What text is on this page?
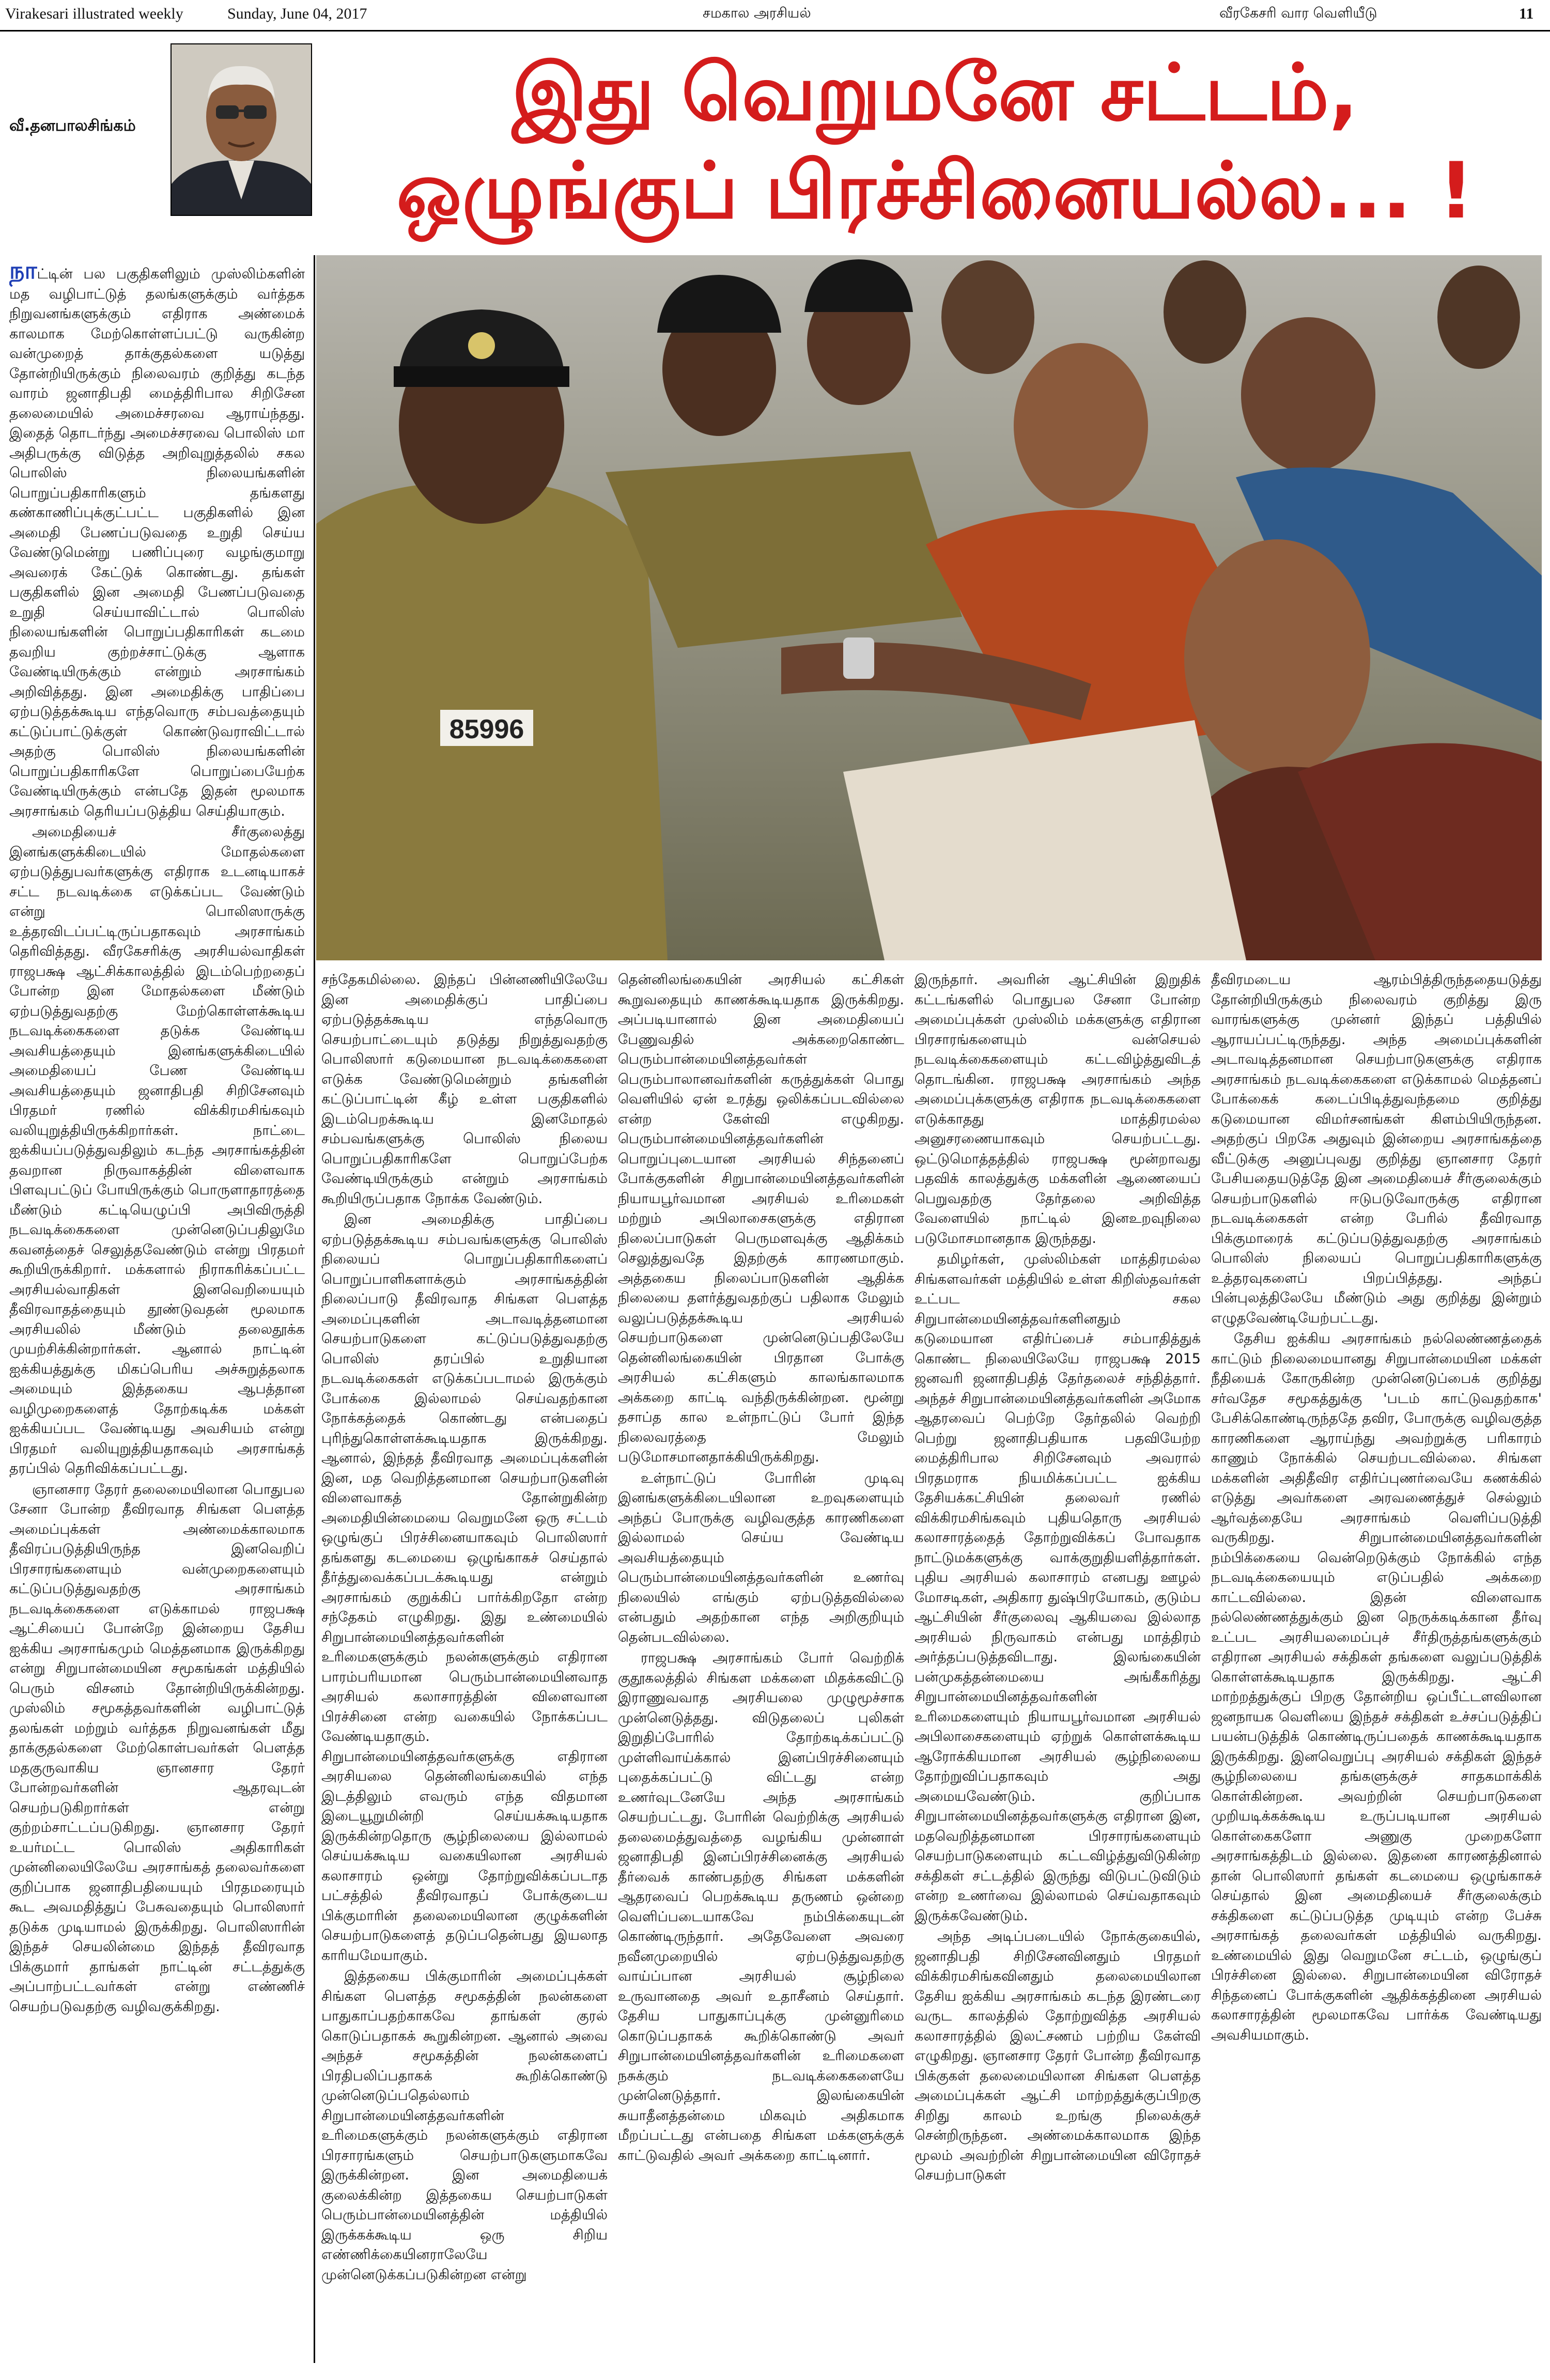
Virakesari illustrated weekly	Sunday, June 04, 2017	சமகால அரசியல்	வீரகேசரி வார வெளியீடு	11
வீ.தனபாலசிங்கம்	இது வெறுமனே சட்டம்,
ஒழுங்குப் பிரச்சினையல்ல... !
85996

நாட்டின் பல பகுதிகளிலும் முஸ்லிம்களின் மத வழிபாட்டுத் தலங்களுக்கும் வர்த்தக நிறுவனங்களுக்கும் எதிராக அண்மைக் காலமாக மேற்கொள்ளப்பட்டு வருகின்ற வன்முறைத் தாக்குதல்களை யடுத்து தோன்றியிருக்கும் நிலைவரம் குறித்து கடந்த வாரம் ஜனாதிபதி மைத்திரிபால சிறிசேன தலைமையில் அமைச்சரவை ஆராய்ந்தது. இதைத் தொடர்ந்து அமைச்சரவை பொலிஸ் மா அதிபருக்கு விடுத்த அறிவுறுத்தலில் சகல பொலிஸ் நிலையங்களின் பொறுப்பதிகாரிகளும் தங்களது கண்காணிப்புக்குட்பட்ட பகுதிகளில் இன அமைதி பேணப்படுவதை உறுதி செய்ய வேண்டுமென்று பணிப்புரை வழங்குமாறு அவரைக் கேட்டுக் கொண்டது. தங்கள் பகுதிகளில் இன அமைதி பேணப்படுவதை உறுதி செய்யாவிட்டால் பொலிஸ் நிலையங்களின் பொறுப்பதிகாரிகள் கடமை தவறிய குற்றச்சாட்டுக்கு ஆளாக வேண்டியிருக்கும் என்றும் அரசாங்கம் அறிவித்தது. இன அமைதிக்கு பாதிப்பை ஏற்படுத்தக்கூடிய எந்தவொரு சம்பவத்தையும் கட்டுப்பாட்டுக்குள் கொண்டுவராவிட்டால் அதற்கு பொலிஸ் நிலையங்களின் பொறுப்பதிகாரிகளே பொறுப்பையேற்க வேண்டியிருக்கும் என்பதே இதன் மூலமாக அரசாங்கம் தெரியப்படுத்திய செய்தியாகும்.

அமைதியைச் சீர்குலைத்து இனங்களுக்கிடையில் மோதல்களை ஏற்படுத்துபவர்களுக்கு எதிராக உடனடியாகச் சட்ட நடவடிக்கை எடுக்கப்பட வேண்டும் என்று பொலிஸாருக்கு உத்தரவிடப்பட்டிருப்பதாகவும் அரசாங்கம் தெரிவித்தது. வீரகேசரிக்கு அரசியல்வாதிகள் ராஜபக்ஷ ஆட்சிக்காலத்தில் இடம்பெற்றதைப் போன்ற இன மோதல்களை மீண்டும் ஏற்படுத்துவதற்கு மேற்கொள்ளக்கூடிய நடவடிக்கைகளை தடுக்க வேண்டிய அவசியத்தையும் இனங்களுக்கிடையில் அமைதியைப் பேண வேண்டிய அவசியத்தையும் ஜனாதிபதி சிறிசேனவும் பிரதமர் ரணில் விக்கிரமசிங்கவும் வலியுறுத்தியிருக்கிறார்கள். நாட்டை ஐக்கியப்படுத்துவதிலும் கடந்த அரசாங்கத்தின் தவறான நிருவாகத்தின் விளைவாக பிளவுபட்டுப் போயிருக்கும் பொருளாதாரத்தை மீண்டும் கட்டியெழுப்பி அபிவிருத்தி நடவடிக்கைகளை முன்னெடுப்பதிலுமே கவனத்தைச் செலுத்தவேண்டும் என்று பிரதமர் கூறியிருக்கிறார். மக்களால் நிராகரிக்கப்பட்ட அரசியல்வாதிகள் இனவெறியையும் தீவிரவாதத்தையும் தூண்டுவதன் மூலமாக அரசியலில் மீண்டும் தலைதூக்க முயற்சிக்கின்றார்கள். ஆனால் நாட்டின் ஐக்கியத்துக்கு மிகப்பெரிய அச்சுறுத்தலாக அமையும் இத்தகைய ஆபத்தான வழிமுறைகளைத் தோற்கடிக்க மக்கள் ஐக்கியப்பட வேண்டியது அவசியம் என்று பிரதமர் வலியுறுத்தியதாகவும் அரசாங்கத் தரப்பில் தெரிவிக்கப்பட்டது.

ஞானசார தேரர் தலைமையிலான பொதுபல சேனா போன்ற தீவிரவாத சிங்கள பௌத்த அமைப்புக்கள் அண்மைக்காலமாக தீவிரப்படுத்தியிருந்த இனவெறிப் பிரசாரங்களையும் வன்முறைகளையும் கட்டுப்படுத்துவதற்கு அரசாங்கம் நடவடிக்கைகளை எடுக்காமல் ராஜபக்ஷ ஆட்சியைப் போன்றே இன்றைய தேசிய ஐக்கிய அரசாங்கமும் மெத்தனமாக இருக்கிறது என்று சிறுபான்மையின சமூகங்கள் மத்தியில் பெரும் விசனம் தோன்றியிருக்கின்றது. முஸ்லிம் சமூகத்தவர்களின் வழிபாட்டுத் தலங்கள் மற்றும் வர்த்தக நிறுவனங்கள் மீது தாக்குதல்களை மேற்கொள்பவர்கள் பௌத்த மதகுருவாகிய ஞானசார தேரர் போன்றவர்களின் ஆதரவுடன் செயற்படுகிறார்கள் என்று குற்றம்சாட்டப்படுகிறது. ஞானசார தேரர் உயர்மட்ட பொலிஸ் அதிகாரிகள் முன்னிலையிலேயே அரசாங்கத் தலைவர்களை குறிப்பாக ஜனாதிபதியையும் பிரதமரையும் கூட அவமதித்துப் பேசுவதையும் பொலிஸார் தடுக்க முடியாமல் இருக்கிறது. பொலிஸாரின் இந்தச் செயலின்மை இந்தத் தீவிரவாத பிக்குமார் தாங்கள் நாட்டின் சட்டத்துக்கு அப்பாற்பட்டவர்கள் என்று எண்ணிச் செயற்படுவதற்கு வழிவகுக்கிறது.

சந்தேகமில்லை. இந்தப் பின்னணியிலேயே இன அமைதிக்குப் பாதிப்பை ஏற்படுத்தக்கூடிய எந்தவொரு செயற்பாட்டையும் தடுத்து நிறுத்துவதற்கு பொலிஸார் கடுமையான நடவடிக்கைகளை எடுக்க வேண்டுமென்றும் தங்களின் கட்டுப்பாட்டின் கீழ் உள்ள பகுதிகளில் இடம்பெறக்கூடிய இனமோதல் சம்பவங்களுக்கு பொலிஸ் நிலைய பொறுப்பதிகாரிகளே பொறுப்பேற்க வேண்டியிருக்கும் என்றும் அரசாங்கம் கூறியிருப்பதாக நோக்க வேண்டும்.

இன அமைதிக்கு பாதிப்பை ஏற்படுத்தக்கூடிய சம்பவங்களுக்கு பொலிஸ் நிலையப் பொறுப்பதிகாரிகளைப் பொறுப்பாளிகளாக்கும் அரசாங்கத்தின் நிலைப்பாடு தீவிரவாத சிங்கள பௌத்த அமைப்புகளின் அடாவடித்தனமான செயற்பாடுகளை கட்டுப்படுத்துவதற்கு பொலிஸ் தரப்பில் உறுதியான நடவடிக்கைகள் எடுக்கப்படாமல் இருக்கும் போக்கை இல்லாமல் செய்வதற்கான நோக்கத்தைக் கொண்டது என்பதைப் புரிந்துகொள்ளக்கூடியதாக இருக்கிறது. ஆனால், இந்தத் தீவிரவாத அமைப்புக்களின் இன, மத வெறித்தனமான செயற்பாடுகளின் விளைவாகத் தோன்றுகின்ற அமைதியின்மையை வெறுமனே ஒரு சட்டம் ஒழுங்குப் பிரச்சினையாகவும் பொலிஸார் தங்களது கடமையை ஒழுங்காகச் செய்தால் தீர்த்துவைக்கப்படக்கூடியது என்றும் அரசாங்கம் குறுக்கிப் பார்க்கிறதோ என்ற சந்தேகம் எழுகிறது. இது உண்மையில் சிறுபான்மையினத்தவர்களின் உரிமைகளுக்கும் நலன்களுக்கும் எதிரான பாரம்பரியமான பெரும்பான்மையினவாத அரசியல் கலாசாரத்தின் விளைவான பிரச்சினை என்ற வகையில் நோக்கப்பட வேண்டியதாகும். சிறுபான்மையினத்தவர்களுக்கு எதிரான அரசியலை தென்னிலங்கையில் எந்த இடத்திலும் எவரும் எந்த விதமான இடையூறுமின்றி செய்யக்கூடியதாக இருக்கின்றதொரு சூழ்நிலையை இல்லாமல் செய்யக்கூடிய வகையிலான அரசியல் கலாசாரம் ஒன்று தோற்றுவிக்கப்படாத பட்சத்தில் தீவிரவாதப் போக்குடைய பிக்குமாரின் தலைமையிலான குழுக்களின் செயற்பாடுகளைத் தடுப்பதென்பது இயலாத காரியமேயாகும்.

இத்தகைய பிக்குமாரின் அமைப்புக்கள் சிங்கள பௌத்த சமூகத்தின் நலன்களை பாதுகாப்பதற்காகவே தாங்கள் குரல் கொடுப்பதாகக் கூறுகின்றன. ஆனால் அவை அந்தச் சமூகத்தின் நலன்களைப் பிரதிபலிப்பதாகக் கூறிக்கொண்டு முன்னெடுப்பதெல்லாம் சிறுபான்மையினத்தவர்களின் உரிமைகளுக்கும் நலன்களுக்கும் எதிரான பிரசாரங்களும் செயற்பாடுகளுமாகவே இருக்கின்றன. இன அமைதியைக் குலைக்கின்ற இத்தகைய செயற்பாடுகள் பெரும்பான்மையினத்தின் மத்தியில் இருக்கக்கூடிய ஒரு சிறிய எண்ணிக்கையினராலேயே முன்னெடுக்கப்படுகின்றன என்று

தென்னிலங்கையின் அரசியல் கட்சிகள் கூறுவதையும் காணக்கூடியதாக இருக்கிறது. அப்படியானால் இன அமைதியைப் பேணுவதில் அக்கறைகொண்ட பெரும்பான்மையினத்தவர்கள் பெரும்பாலானவர்களின் கருத்துக்கள் பொது வெளியில் ஏன் உரத்து ஒலிக்கப்படவில்லை என்ற கேள்வி எழுகிறது. பெரும்பான்மையினத்தவர்களின் பொறுப்புடையான அரசியல் சிந்தனைப் போக்குகளின் சிறுபான்மையினத்தவர்களின் நியாயபூர்வமான அரசியல் உரிமைகள் மற்றும் அபிலாசைகளுக்கு எதிரான நிலைப்பாடுகள் பெருமளவுக்கு ஆதிக்கம் செலுத்துவதே இதற்குக் காரணமாகும். அத்தகைய நிலைப்பாடுகளின் ஆதிக்க நிலையை தளர்த்துவதற்குப் பதிலாக மேலும் வலுப்படுத்தக்கூடிய அரசியல் செயற்பாடுகளை முன்னெடுப்பதிலேயே தென்னிலங்கையின் பிரதான போக்கு அரசியல் கட்சிகளும் காலங்காலமாக அக்கறை காட்டி வந்திருக்கின்றன. மூன்று தசாப்த கால உள்நாட்டுப் போர் இந்த நிலைவரத்தை மேலும் படுமோசமானதாக்கியிருக்கிறது.

உள்நாட்டுப் போரின் முடிவு இனங்களுக்கிடையிலான உறவுகளையும் அந்தப் போருக்கு வழிவகுத்த காரணிகளை இல்லாமல் செய்ய வேண்டிய அவசியத்தையும் பெரும்பான்மையினத்தவர்களின் உணர்வு நிலையில் எங்கும் ஏற்படுத்தவில்லை என்பதும் அதற்கான எந்த அறிகுறியும் தென்படவில்லை.

ராஜபக்ஷ அரசாங்கம் போர் வெற்றிக் குதூகலத்தில் சிங்கள மக்களை மிதக்கவிட்டு இராணுவவாத அரசியலை முழுமூச்சாக முன்னெடுத்தது. விடுதலைப் புலிகள் இறுதிப்போரில் தோற்கடிக்கப்பட்டு முள்ளிவாய்க்கால் இனப்பிரச்சினையும் புதைக்கப்பட்டு விட்டது என்ற உணர்வுடனேயே அந்த அரசாங்கம் செயற்பட்டது. போரின் வெற்றிக்கு அரசியல் தலைமைத்துவத்தை வழங்கிய முன்னாள் ஜனாதிபதி இனப்பிரச்சினைக்கு அரசியல் தீர்வைக் காண்பதற்கு சிங்கள மக்களின் ஆதரவைப் பெறக்கூடிய தருணம் ஒன்றை வெளிப்படையாகவே நம்பிக்கையுடன் கொண்டிருந்தார். அதேவேளை அவரை நவீனமுறையில் ஏற்படுத்துவதற்கு வாய்ப்பான அரசியல் சூழ்நிலை உருவானதை அவர் உதாசீனம் செய்தார். தேசிய பாதுகாப்புக்கு முன்னுரிமை கொடுப்பதாகக் கூறிக்கொண்டு அவர் சிறுபான்மையினத்தவர்களின் உரிமைகளை நசுக்கும் நடவடிக்கைகளையே முன்னெடுத்தார். இலங்கையின் சுயாதீனத்தன்மை மிகவும் அதிகமாக மீறப்பட்டது என்பதை சிங்கள மக்களுக்குக் காட்டுவதில் அவர் அக்கறை காட்டினார்.

இருந்தார். அவரின் ஆட்சியின் இறுதிக் கட்டங்களில் பொதுபல சேனா போன்ற அமைப்புக்கள் முஸ்லிம் மக்களுக்கு எதிரான பிரசாரங்களையும் வன்செயல் நடவடிக்கைகளையும் கட்டவிழ்த்துவிடத் தொடங்கின. ராஜபக்ஷ அரசாங்கம் அந்த அமைப்புக்களுக்கு எதிராக நடவடிக்கைகளை எடுக்காதது மாத்திரமல்ல அனுசரணையாகவும் செயற்பட்டது. ஒட்டுமொத்தத்தில் ராஜபக்ஷ மூன்றாவது பதவிக் காலத்துக்கு மக்களின் ஆணையைப் பெறுவதற்கு தேர்தலை அறிவித்த வேளையில் நாட்டில் இனஉறவுநிலை படுமோசமானதாக இருந்தது.

தமிழர்கள், முஸ்லிம்கள் மாத்திரமல்ல சிங்களவர்கள் மத்தியில் உள்ள கிறிஸ்தவர்கள் உட்பட சகல சிறுபான்மையினத்தவர்களினதும் கடுமையான எதிர்ப்பைச் சம்பாதித்துக் கொண்ட நிலையிலேயே ராஜபக்ஷ 2015 ஜனவரி ஜனாதிபதித் தேர்தலைச் சந்தித்தார். அந்தச் சிறுபான்மையினத்தவர்களின் அமோக ஆதரவைப் பெற்றே தேர்தலில் வெற்றி பெற்று ஜனாதிபதியாக பதவியேற்ற மைத்திரிபால சிறிசேனவும் அவரால் பிரதமராக நியமிக்கப்பட்ட ஐக்கிய தேசியக்கட்சியின் தலைவர் ரணில் விக்கிரமசிங்கவும் புதியதொரு அரசியல் கலாசாரத்தைத் தோற்றுவிக்கப் போவதாக நாட்டுமக்களுக்கு வாக்குறுதியளித்தார்கள். புதிய அரசியல் கலாசாரம் எனபது ஊழல் மோசடிகள், அதிகார துஷ்பிரயோகம், குடும்ப ஆட்சியின் சீர்குலைவு ஆகியவை இல்லாத அரசியல் நிருவாகம் என்பது மாத்திரம் அர்த்தப்படுத்தவிடாது. இலங்கையின் பன்முகத்தன்மையை அங்கீகரித்து சிறுபான்மையினத்தவர்களின் உரிமைகளையும் நியாயபூர்வமான அரசியல் அபிலாசைகளையும் ஏற்றுக் கொள்ளக்கூடிய ஆரோக்கியமான அரசியல் சூழ்நிலையை தோற்றுவிப்பதாகவும் அது அமையவேண்டும். குறிப்பாக சிறுபான்மையினத்தவர்களுக்கு எதிரான இன, மதவெறித்தனமான பிரசாரங்களையும் செயற்பாடுகளையும் கட்டவிழ்த்துவிடுகின்ற சக்திகள் சட்டத்தில் இருந்து விடுபட்டுவிடும் என்ற உணர்வை இல்லாமல் செய்வதாகவும் இருக்கவேண்டும்.

அந்த அடிப்படையில் நோக்குகையில், ஜனாதிபதி சிறிசேனவினதும் பிரதமர் விக்கிரமசிங்கவினதும் தலைமையிலான தேசிய ஐக்கிய அரசாங்கம் கடந்த இரண்டரை வருட காலத்தில் தோற்றுவித்த அரசியல் கலாசாரத்தில் இலட்சணம் பற்றிய கேள்வி எழுகிறது. ஞானசார தேரர் போன்ற தீவிரவாத பிக்குகள் தலைமையிலான சிங்கள பௌத்த அமைப்புக்கள் ஆட்சி மாற்றத்துக்குப்பிறகு சிறிது காலம் உறங்கு நிலைக்குச் சென்றிருந்தன. அண்மைக்காலமாக இந்த மூலம் அவற்றின் சிறுபான்மையின விரோதச் செயற்பாடுகள்

தீவிரமடைய ஆரம்பித்திருந்ததையடுத்து தோன்றியிருக்கும் நிலைவரம் குறித்து இரு வாரங்களுக்கு முன்னர் இந்தப் பத்தியில் ஆராயப்பட்டிருந்தது. அந்த அமைப்புக்களின் அடாவடித்தனமான செயற்பாடுகளுக்கு எதிராக அரசாங்கம் நடவடிக்கைகளை எடுக்காமல் மெத்தனப் போக்கைக் கடைப்பிடித்துவந்தமை குறித்து கடுமையான விமர்சனங்கள் கிளம்பியிருந்தன. அதற்குப் பிறகே அதுவும் இன்றைய அரசாங்கத்தை வீட்டுக்கு அனுப்புவது குறித்து ஞானசார தேரர் பேசியதையடுத்தே இன அமைதியைச் சீர்குலைக்கும் செயற்பாடுகளில் ஈடுபடுவோருக்கு எதிரான நடவடிக்கைகள் என்ற பேரில் தீவிரவாத பிக்குமாரைக் கட்டுப்படுத்துவதற்கு அரசாங்கம் பொலிஸ் நிலையப் பொறுப்பதிகாரிகளுக்கு உத்தரவுகளைப் பிறப்பித்தது. அந்தப் பின்புலத்திலேயே மீண்டும் அது குறித்து இன்றும் எழுதவேண்டியேற்பட்டது.

தேசிய ஐக்கிய அரசாங்கம் நல்லெண்ணத்தைக் காட்டும் நிலைமையானது சிறுபான்மையின மக்கள் நீதியைக் கோருகின்ற முன்னெடுப்பைக் குறித்து சர்வதேச சமூகத்துக்கு 'படம் காட்டுவதற்காக' பேசிக்கொண்டிருந்ததே தவிர, போருக்கு வழிவகுத்த காரணிகளை ஆராய்ந்து அவற்றுக்கு பரிகாரம் காணும் நோக்கில் செயற்படவில்லை. சிங்கள மக்களின் அதிதீவிர எதிர்ப்புணர்வையே கணக்கில் எடுத்து அவர்களை அரவணைத்துச் செல்லும் ஆர்வத்தையே அரசாங்கம் வெளிப்படுத்தி வருகிறது. சிறுபான்மையினத்தவர்களின் நம்பிக்கையை வென்றெடுக்கும் நோக்கில் எந்த நடவடிக்கையையும் எடுப்பதில் அக்கறை காட்டவில்லை. இதன் விளைவாக நல்லெண்ணத்துக்கும் இன நெருக்கடிக்கான தீர்வு உட்பட அரசியலமைப்புச் சீர்திருத்தங்களுக்கும் எதிரான அரசியல் சக்திகள் தங்களை வலுப்படுத்திக் கொள்ளக்கூடியதாக இருக்கிறது. ஆட்சி மாற்றத்துக்குப் பிறகு தோன்றிய ஒப்பீட்டளவிலான ஜனநாயக வெளியை இந்தச் சக்திகள் உச்சப்படுத்திப் பயன்படுத்திக் கொண்டிருப்பதைக் காணக்கூடியதாக இருக்கிறது. இனவெறுப்பு அரசியல் சக்திகள் இந்தச் சூழ்நிலையை தங்களுக்குச் சாதகமாக்கிக் கொள்கின்றன. அவற்றின் செயற்பாடுகளை முறியடிக்கக்கூடிய உருப்படியான அரசியல் கொள்கைகளோ அணுகு முறைகளோ அரசாங்கத்திடம் இல்லை. இதனை காரணத்தினால் தான் பொலிஸார் தங்கள் கடமையை ஒழுங்காகச் செய்தால் இன அமைதியைச் சீர்குலைக்கும் சக்திகளை கட்டுப்படுத்த முடியும் என்ற பேச்சு அரசாங்கத் தலைவர்கள் மத்தியில் வருகிறது. உண்மையில் இது வெறுமனே சட்டம், ஒழுங்குப் பிரச்சினை இல்லை. சிறுபான்மையின விரோதச் சிந்தனைப் போக்குகளின் ஆதிக்கத்தினை அரசியல் கலாசாரத்தின் மூலமாகவே பார்க்க வேண்டியது அவசியமாகும்.
